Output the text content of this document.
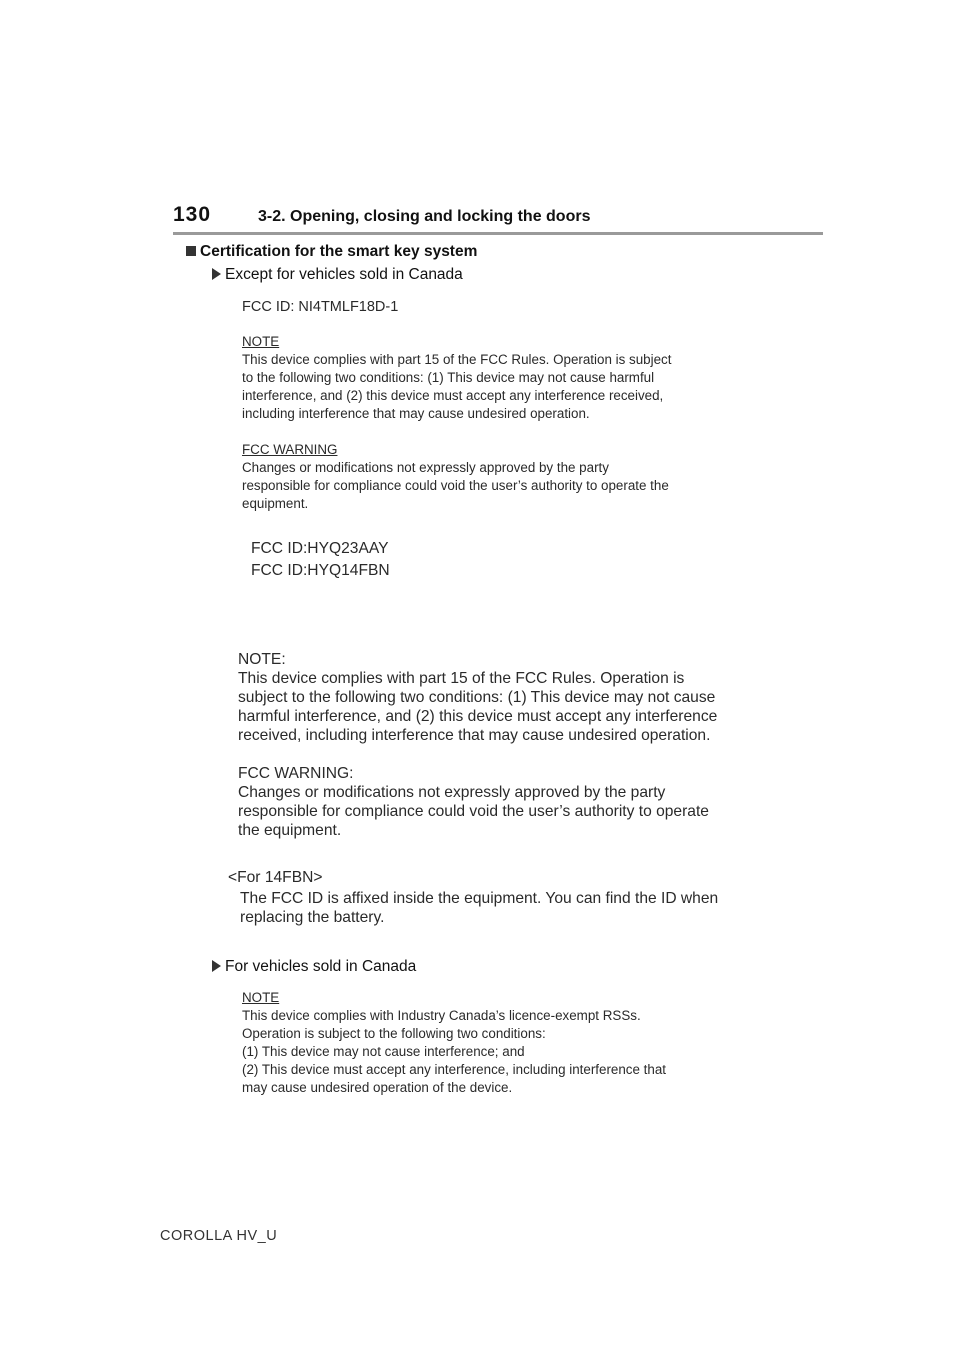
130	3-2. Opening, closing and locking the doors
Certification for the smart key system
Except for vehicles sold in Canada

FCC ID: NI4TMLF18D-1

NOTE

This device complies with part 15 of the FCC Rules. Operation is subject

to the following two conditions: (1) This device may not cause harmful

interference, and (2) this device must accept any interference received,

including interference that may cause undesired operation.

FCC WARNING

Changes or modifications not expressly approved by the party

responsible for compliance could void the user’s authority to operate the

equipment.

FCC ID:HYQ23AAY

FCC ID:HYQ14FBN

NOTE:

This device complies with part 15 of the FCC Rules. Operation is

subject to the following two conditions: (1) This device may not cause

harmful interference, and (2) this device must accept any interference

received, including interference that may cause undesired operation.

FCC WARNING:

Changes or modifications not expressly approved by the party

responsible for compliance could void the user’s authority to operate

the equipment.

<For 14FBN>

The FCC ID is affixed inside the equipment. You can find the ID when

replacing the battery.

For vehicles sold in Canada

NOTE

This device complies with Industry Canada’s licence-exempt RSSs.

Operation is subject to the following two conditions:

(1) This device may not cause interference; and

(2) This device must accept any interference, including interference that

may cause undesired operation of the device.

COROLLA HV_U
